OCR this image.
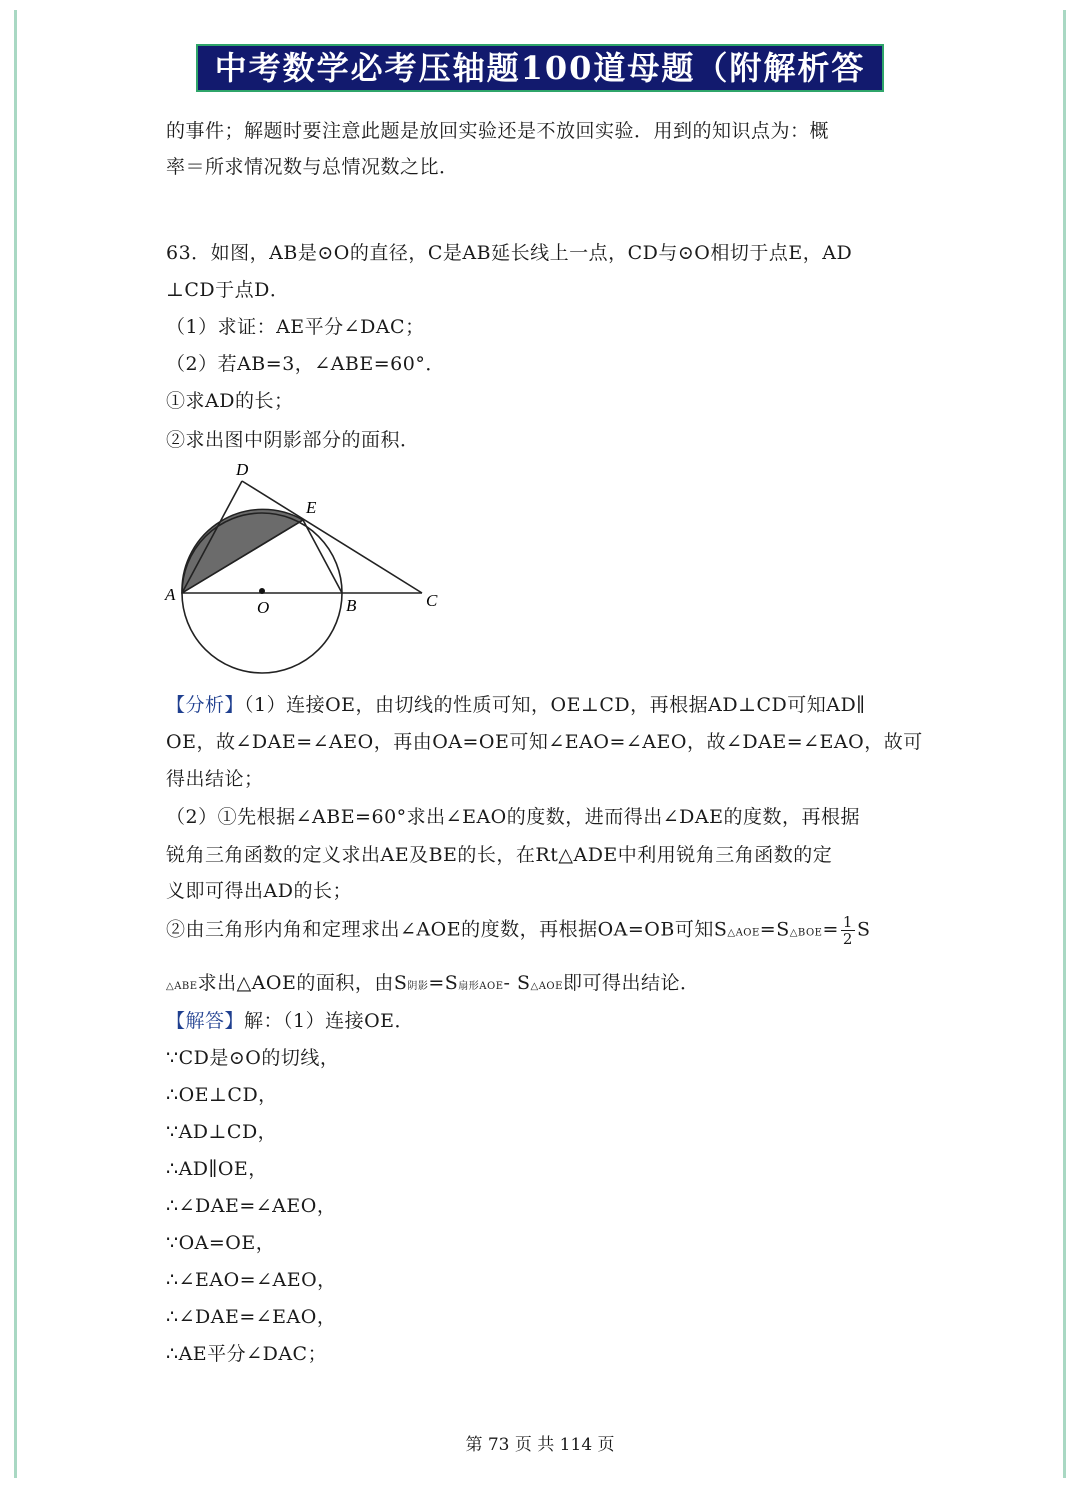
中考数学必考压轴题100道母题（附解析答案）
的事件；解题时要注意此题是放回实验还是不放回实验．用到的知识点为：概
率＝所求情况数与总情况数之比．
63．如图，AB是⊙O的直径，C是AB延长线上一点，CD与⊙O相切于点E，AD
⊥CD于点D．
（1）求证：AE平分∠DAC；
（2）若AB=3，∠ABE=60°．
①求AD的长；
②求出图中阴影部分的面积．
D
E
A
O	B	C
【分析】（1）连接OE，由切线的性质可知，OE⊥CD，再根据AD⊥CD可知AD∥
OE，故∠DAE=∠AEO，再由OA=OE可知∠EAO=∠AEO，故∠DAE=∠EAO，故可
得出结论；
（2）①先根据∠ABE=60°求出∠EAO的度数，进而得出∠DAE的度数，再根据
锐角三角函数的定义求出AE及BE的长，在Rt△ADE中利用锐角三角函数的定
义即可得出AD的长；
②由三角形内角和定理求出∠AOE的度数，再根据OA=OB可知S△AOE=S△BOE= $\frac{1}{2}$ S
△ABE求出△AOE的面积，由S阴影=S扇形AOE- S△AOE即可得出结论．
【解答】解：（1）连接OE．
∵CD是⊙O的切线，
∴OE⊥CD，
∵AD⊥CD，
∴AD∥OE，
∴∠DAE=∠AEO，
∵OA=OE，
∴∠EAO=∠AEO，
∴∠DAE=∠EAO，
∴AE平分∠DAC；
第 73 页 共 114 页
